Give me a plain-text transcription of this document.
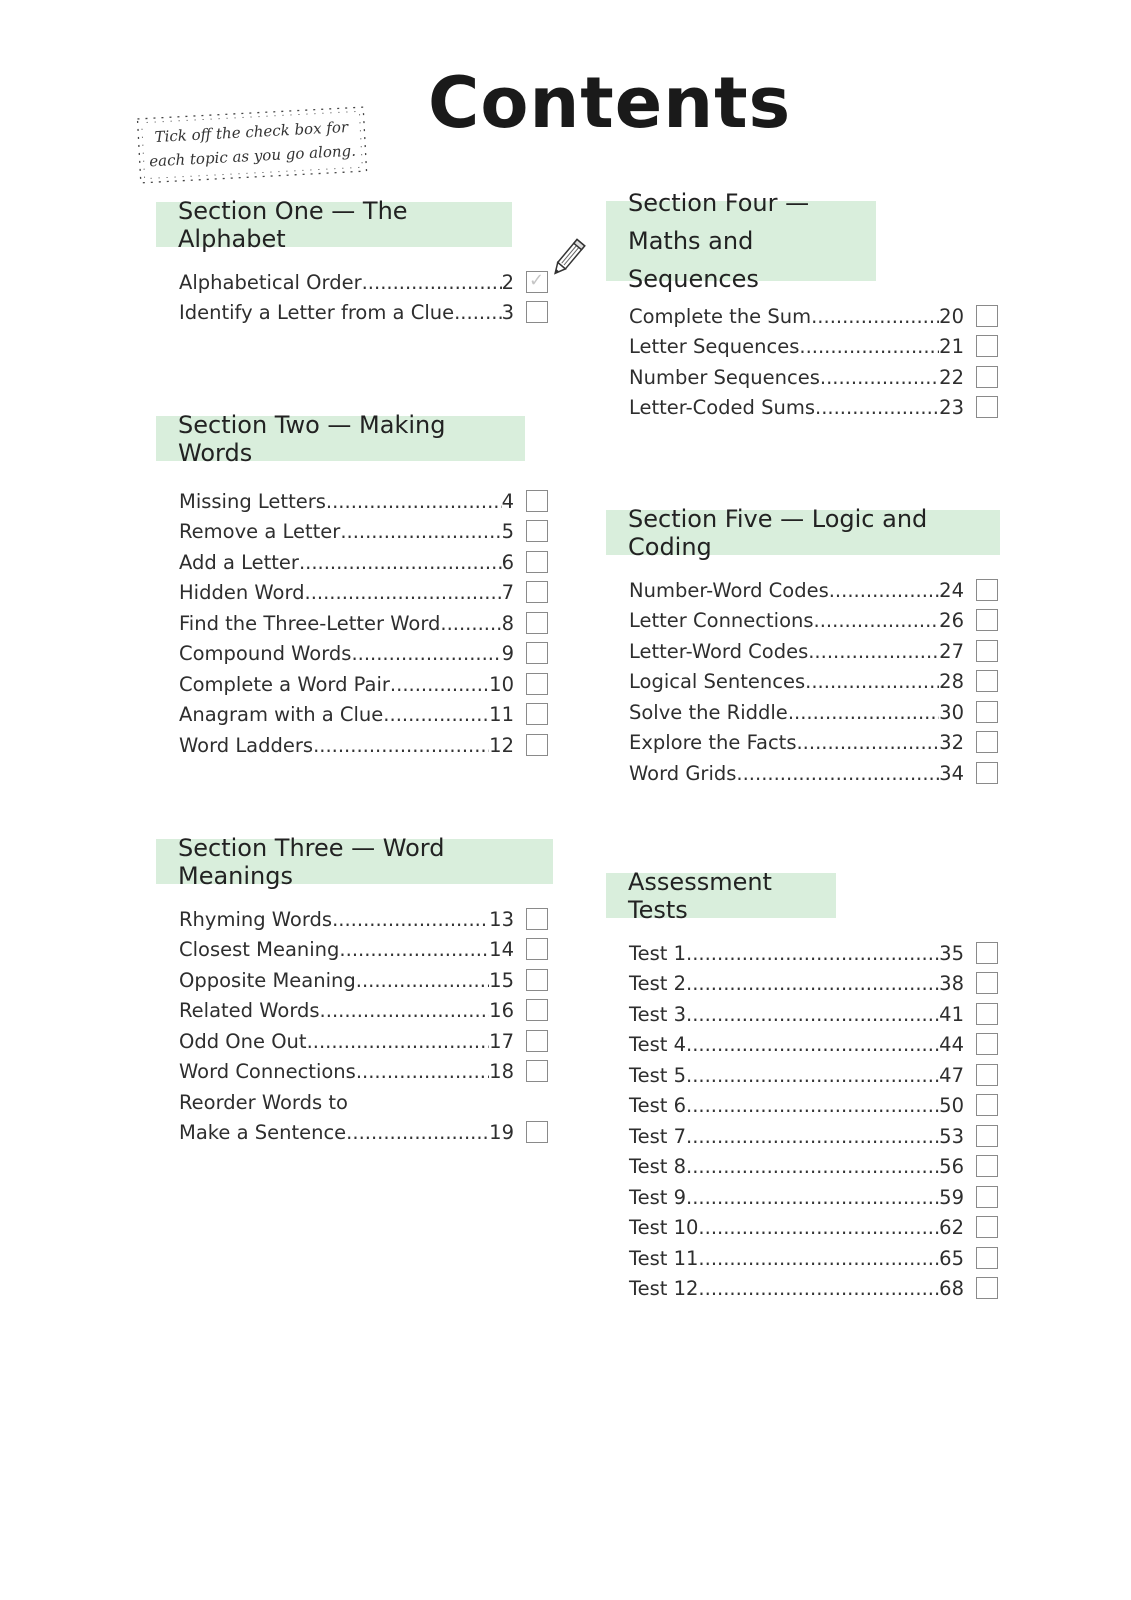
Contents
Tick off the check box for
each topic as you go along.
Section One — The Alphabet
Alphabetical Order .....	2 ✓
Identify a Letter from a Clue ..... 3
Section Two — Making Words
Missing Letters .....	4
Remove a Letter .....	5
Add a Letter .....	6
Hidden Word .....	7
Find the Three-Letter Word .....	8
Compound Words .....	9
Complete a Word Pair .....	10
Anagram with a Clue .....	11
Word Ladders .....	12
Section Three — Word Meanings
Rhyming Words .....	13
Closest Meaning .....	14
Opposite Meaning .....	15
Related Words .....	16
Odd One Out .....	17
Word Connections .....	18
Reorder Words to
Make a Sentence .....	19
Section Four —
Maths and Sequences
Complete the Sum .....	20
Letter Sequences .....	21
Number Sequences .....	22
Letter-Coded Sums .....	23
Section Five — Logic and Coding
Number-Word Codes .....	24
Letter Connections .....	26
Letter-Word Codes .....	27
Logical Sentences .....	28
Solve the Riddle .....	30
Explore the Facts .....	32
Word Grids .....	34
Assessment Tests
Test 1 .....	35
Test 2 .....	38
Test 3 .....	41
Test 4 .....	44
Test 5 .....	47
Test 6 .....	50
Test 7 .....	53
Test 8 .....	56
Test 9 .....	59
Test 10 .....	62
Test 11 .....	65
Test 12 .....	68
